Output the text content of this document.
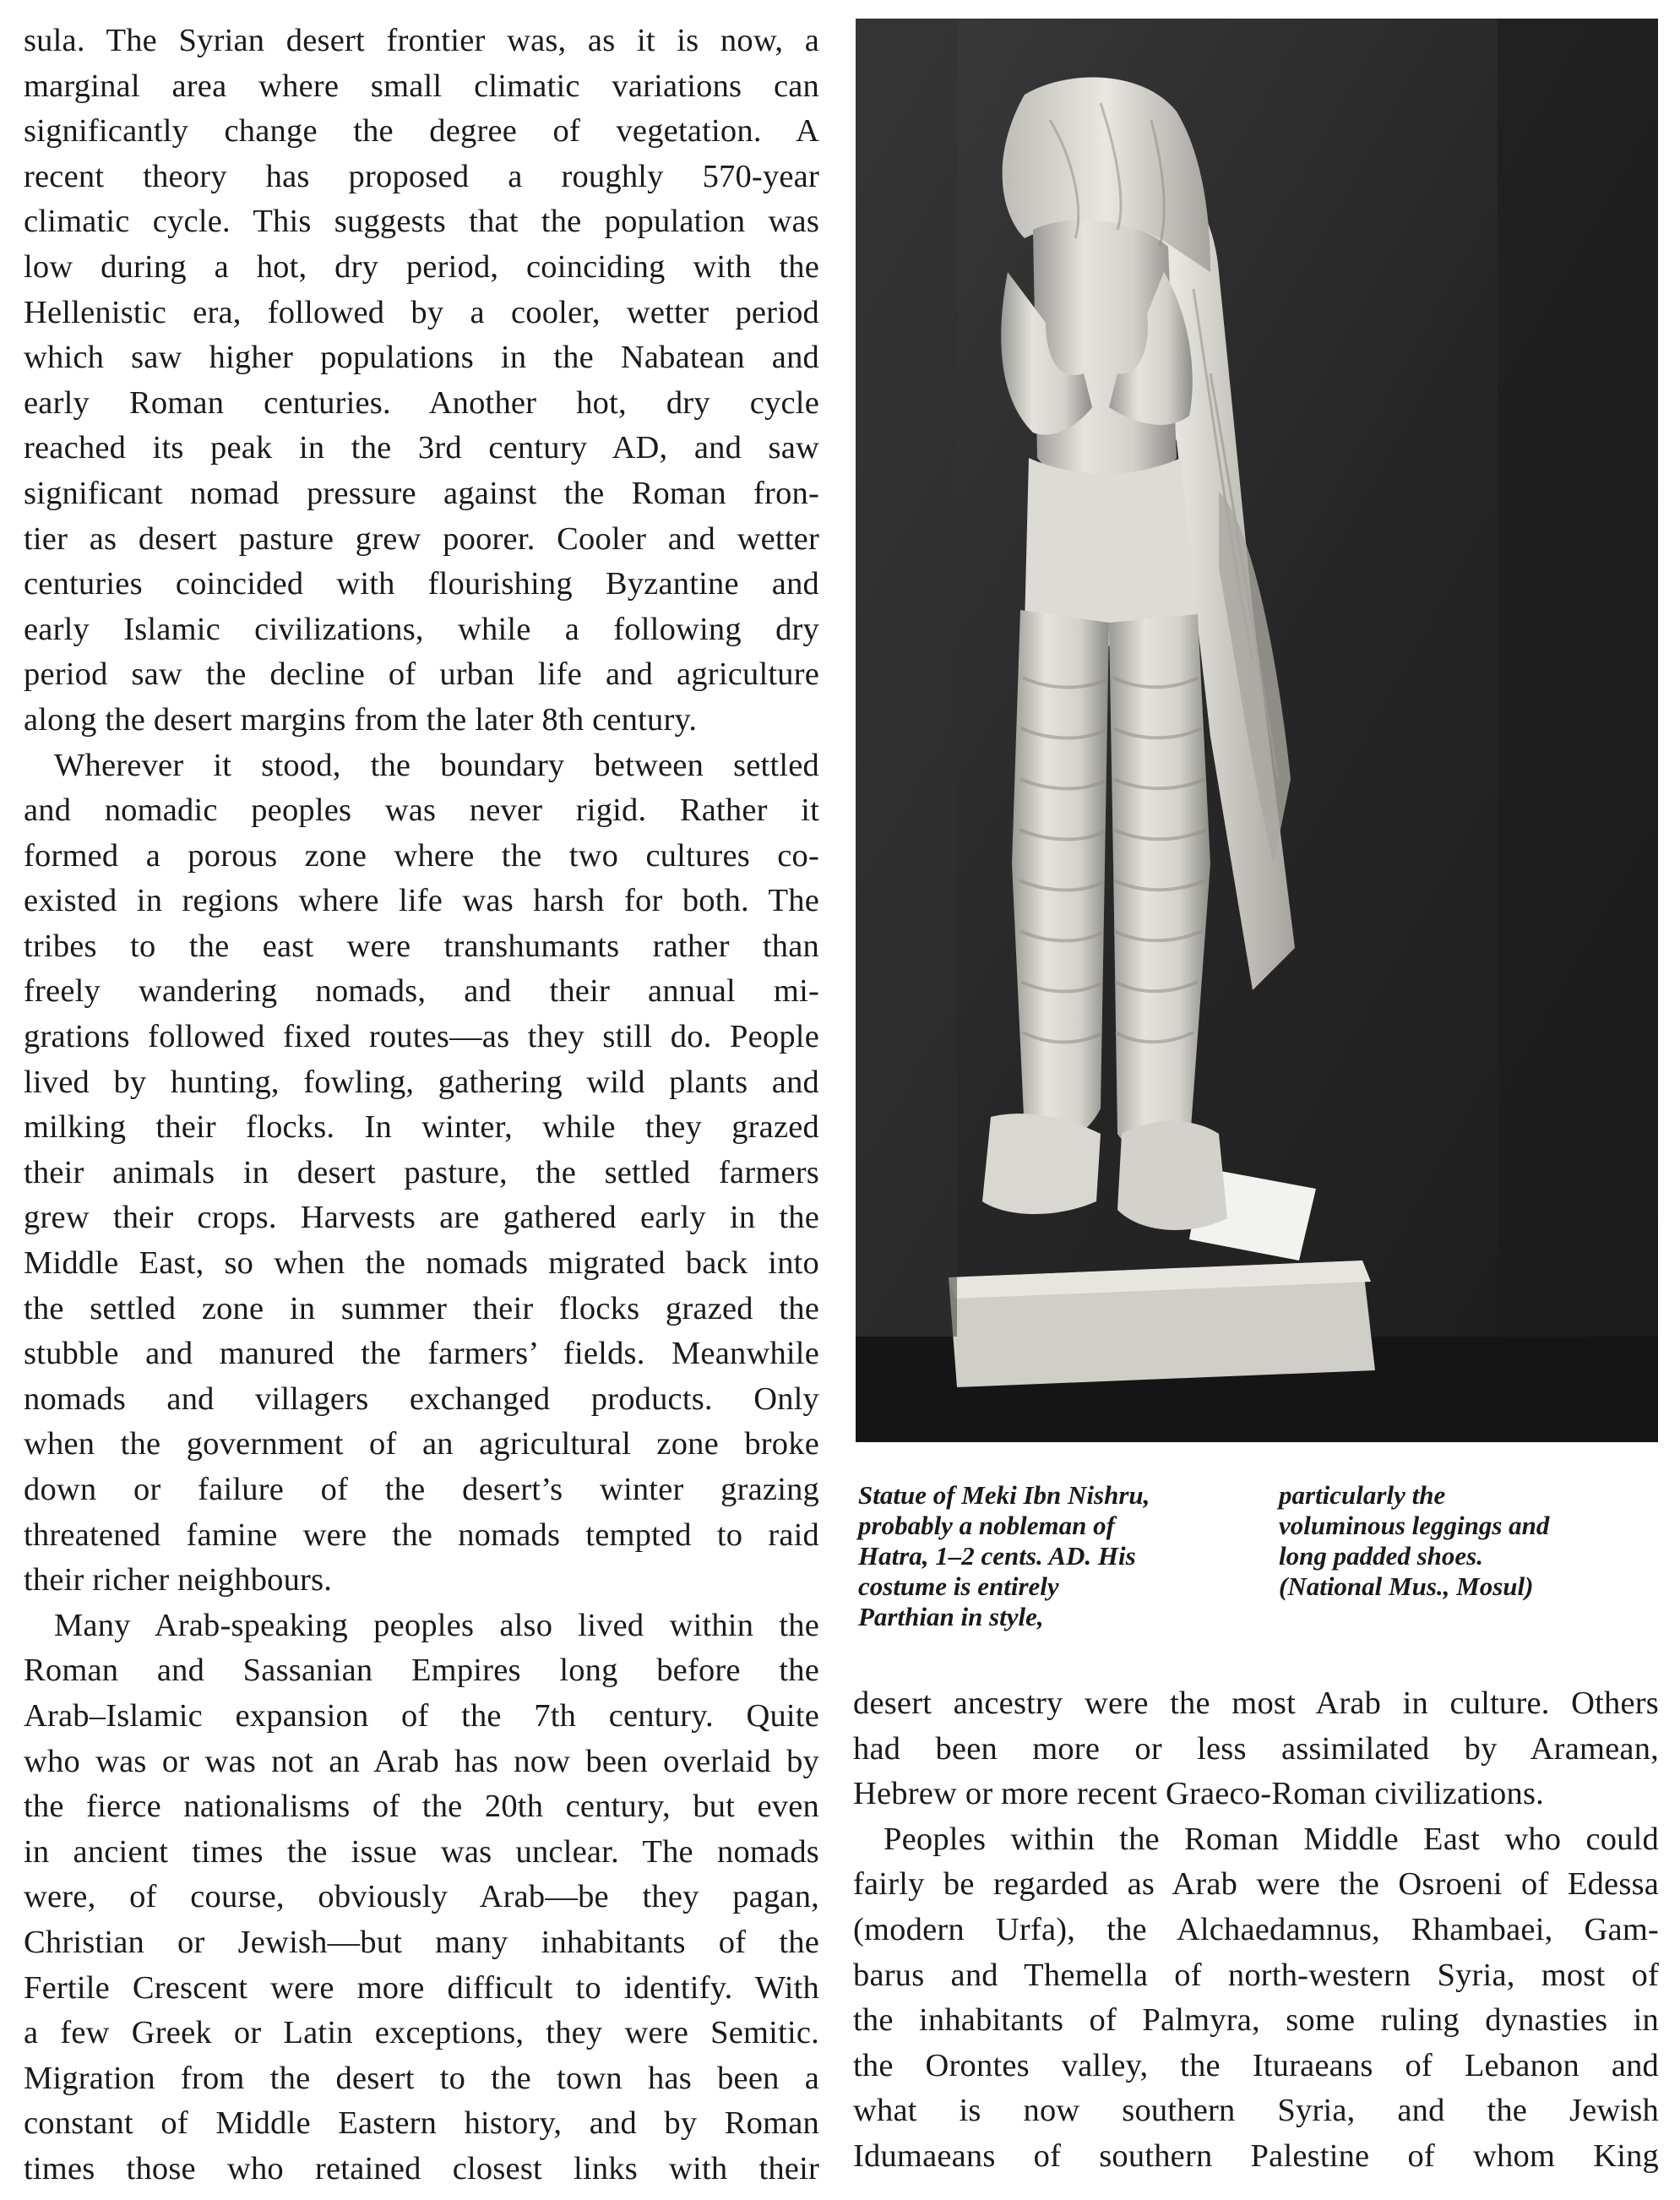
sula. The Syrian desert frontier was, as it is now, a
marginal area where small climatic variations can
significantly change the degree of vegetation. A
recent theory has proposed a roughly 570-year
climatic cycle. This suggests that the population was
low during a hot, dry period, coinciding with the
Hellenistic era, followed by a cooler, wetter period
which saw higher populations in the Nabatean and
early Roman centuries. Another hot, dry cycle
reached its peak in the 3rd century AD, and saw
significant nomad pressure against the Roman fron-
tier as desert pasture grew poorer. Cooler and wetter
centuries coincided with flourishing Byzantine and
early Islamic civilizations, while a following dry
period saw the decline of urban life and agriculture
along the desert margins from the later 8th century.
Wherever it stood, the boundary between settled
and nomadic peoples was never rigid. Rather it
formed a porous zone where the two cultures co-
existed in regions where life was harsh for both. The
tribes to the east were transhumants rather than
freely wandering nomads, and their annual mi-
grations followed fixed routes—as they still do. People
lived by hunting, fowling, gathering wild plants and
milking their flocks. In winter, while they grazed
their animals in desert pasture, the settled farmers
grew their crops. Harvests are gathered early in the
Middle East, so when the nomads migrated back into
the settled zone in summer their flocks grazed the
stubble and manured the farmers’ fields. Meanwhile
nomads and villagers exchanged products. Only
when the government of an agricultural zone broke
down or failure of the desert’s winter grazing
threatened famine were the nomads tempted to raid
their richer neighbours.
Many Arab-speaking peoples also lived within the
Roman and Sassanian Empires long before the
Arab–Islamic expansion of the 7th century. Quite
who was or was not an Arab has now been overlaid by
the fierce nationalisms of the 20th century, but even
in ancient times the issue was unclear. The nomads
were, of course, obviously Arab—be they pagan,
Christian or Jewish—but many inhabitants of the
Fertile Crescent were more difficult to identify. With
a few Greek or Latin exceptions, they were Semitic.
Migration from the desert to the town has been a
constant of Middle Eastern history, and by Roman
times those who retained closest links with their
Statue of Meki Ibn Nishru,
probably a nobleman of
Hatra, 1–2 cents. AD. His
costume is entirely
Parthian in style,
particularly the
voluminous leggings and
long padded shoes.
(National Mus., Mosul)
desert ancestry were the most Arab in culture. Others
had been more or less assimilated by Aramean,
Hebrew or more recent Graeco-Roman civilizations.
Peoples within the Roman Middle East who could
fairly be regarded as Arab were the Osroeni of Edessa
(modern Urfa), the Alchaedamnus, Rhambaei, Gam-
barus and Themella of north-western Syria, most of
the inhabitants of Palmyra, some ruling dynasties in
the Orontes valley, the Ituraeans of Lebanon and
what is now southern Syria, and the Jewish
Idumaeans of southern Palestine of whom King
